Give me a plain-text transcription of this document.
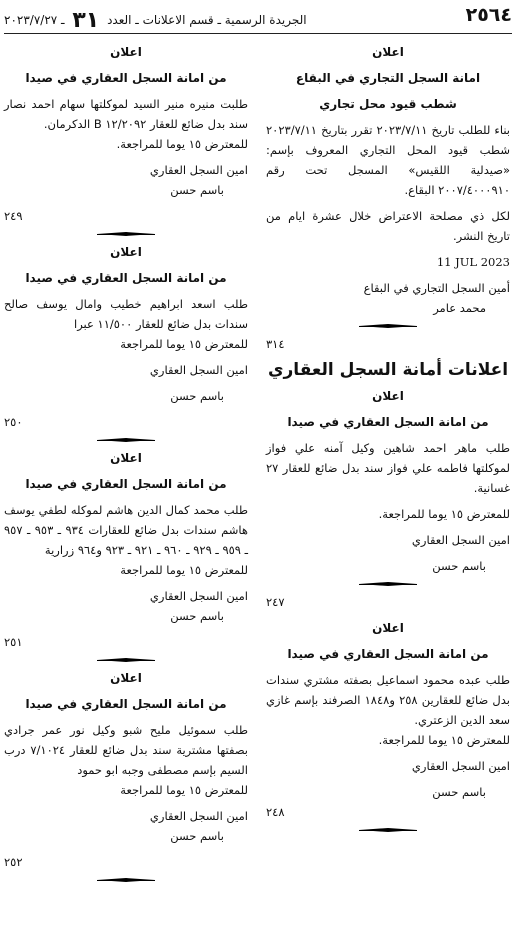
٢٥٦٤
الجريدة الرسمية ـ قسم الاعلانات ـ العدد ٣١ ـ ٢٠٢٣/٧/٢٧

اعلان

امانة السجل التجاري في البقاع

شطب قيود محل تجاري

بناء للطلب تاريخ ٢٠٢٣/٧/١١ تقرر بتاريخ ٢٠٢٣/٧/١١ شطب قيود المحل التجاري المعروف بإسم: «صيدلية اللقيس» المسجل تحت رقم ٢٠٠٧/٤٠٠٠٩١٠ البقاع.

لكل ذي مصلحة الاعتراض خلال عشرة ايام من تاريخ النشر.

11 JUL 2023

أمين السجل التجاري في البقاع

محمد عامر

٣١٤

اعلانات أمانة السجل العقاري

اعلان

من امانة السجل العقاري في صيدا

طلب ماهر احمد شاهين وكيل آمنه علي فواز لموكلتها فاطمه علي فواز سند بدل ضائع للعقار ٢٧ غسانية.

للمعترض ١٥ يوما للمراجعة.

امين السجل العقاري

باسم حسن

٢٤٧

اعلان

من امانة السجل العقاري في صيدا

طلب عبده محمود اسماعيل بصفته مشتري سندات بدل ضائع للعقارين ٢٥٨ و١٨٤٨ الصرفند بإسم غازي سعد الدين الزعتري.

للمعترض ١٥ يوما للمراجعة.

امين السجل العقاري

باسم حسن

٢٤٨

اعلان

من امانة السجل العقاري في صيدا

طلبت منيره منير السيد لموكلتها سهام احمد نصار سند بدل ضائع للعقار ١٢/٢٠٩٢ B الدكرمان.

للمعترض ١٥ يوما للمراجعة.

امين السجل العقاري

باسم حسن

٢٤٩

اعلان

من امانة السجل العقاري في صيدا

طلب اسعد ابراهيم خطيب وامال يوسف صالح سندات بدل ضائع للعقار ١١/٥٠٠ عبرا

للمعترض ١٥ يوما للمراجعة

امين السجل العقاري

باسم حسن

٢٥٠

اعلان

من امانة السجل العقاري في صيدا

طلب محمد كمال الدين هاشم لموكله لطفي يوسف هاشم سندات بدل ضائع للعقارات ٩٣٤ ـ ٩٥٣ ـ ٩٥٧ ـ ٩٥٩ ـ ٩٢٩ ـ ٩٦٠ ـ ٩٢١ ـ ٩٢٣ و٩٦٤ زرارية

للمعترض ١٥ يوما للمراجعة

امين السجل العقاري

باسم حسن

٢٥١

اعلان

من امانة السجل العقاري في صيدا

طلب سموئيل مليح شبو وكيل نور عمر جرادي بصفتها مشترية سند بدل ضائع للعقار ٧/١٠٢٤ درب السيم بإسم مصطفى وجبه ابو حمود

للمعترض ١٥ يوما للمراجعة

امين السجل العقاري

باسم حسن

٢٥٢
